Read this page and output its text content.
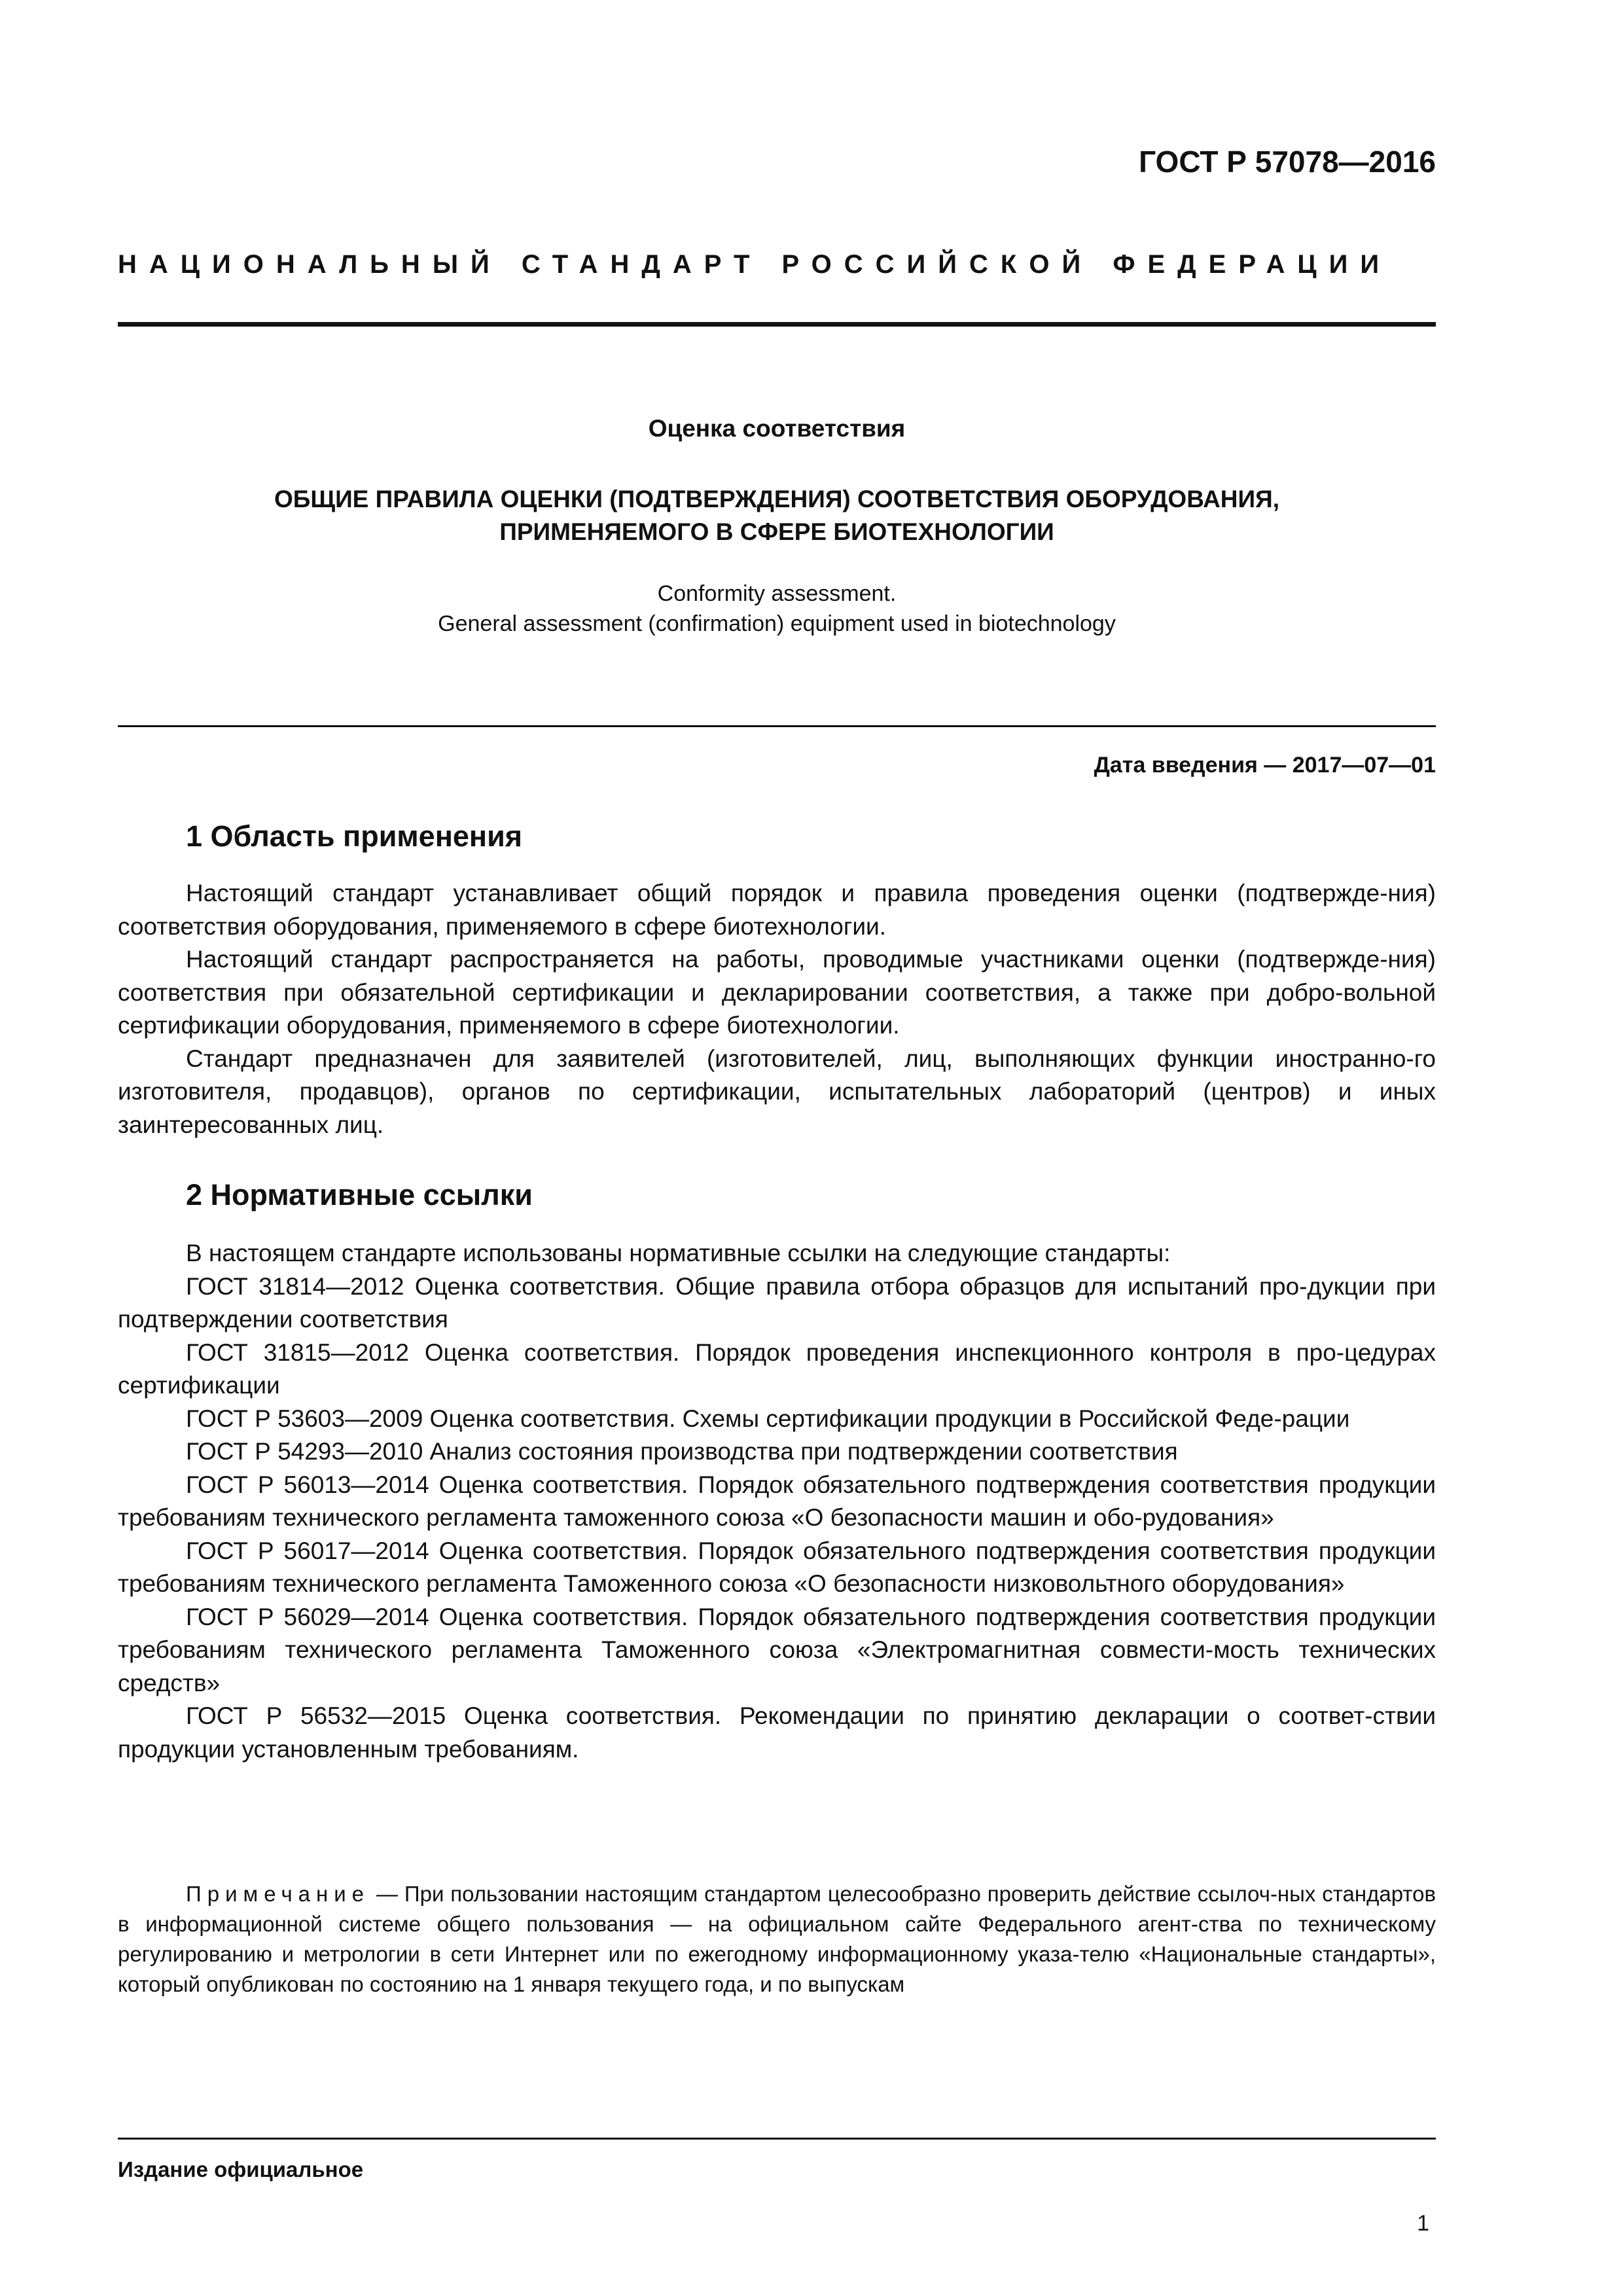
ГОСТ Р 57078—2016
НАЦИОНАЛЬНЫЙ СТАНДАРТ РОССИЙСКОЙ ФЕДЕРАЦИИ
Оценка соответствия
ОБЩИЕ ПРАВИЛА ОЦЕНКИ (ПОДТВЕРЖДЕНИЯ) СООТВЕТСТВИЯ ОБОРУДОВАНИЯ,
ПРИМЕНЯЕМОГО В СФЕРЕ БИОТЕХНОЛОГИИ
Conformity assessment.
General assessment (confirmation) equipment used in biotechnology
Дата введения — 2017—07—01
1 Область применения

Настоящий стандарт устанавливает общий порядок и правила проведения оценки (подтвержде-ния) соответствия оборудования, применяемого в сфере биотехнологии.

Настоящий стандарт распространяется на работы, проводимые участниками оценки (подтвержде-ния) соответствия при обязательной сертификации и декларировании соответствия, а также при добро-вольной сертификации оборудования, применяемого в сфере биотехнологии.

Стандарт предназначен для заявителей (изготовителей, лиц, выполняющих функции иностранно-го изготовителя, продавцов), органов по сертификации, испытательных лабораторий (центров) и иных заинтересованных лиц.

2 Нормативные ссылки

В настоящем стандарте использованы нормативные ссылки на следующие стандарты:

ГОСТ 31814—2012 Оценка соответствия. Общие правила отбора образцов для испытаний про-дукции при подтверждении соответствия

ГОСТ 31815—2012 Оценка соответствия. Порядок проведения инспекционного контроля в про-цедурах сертификации

ГОСТ Р 53603—2009 Оценка соответствия. Схемы сертификации продукции в Российской Феде-рации

ГОСТ Р 54293—2010 Анализ состояния производства при подтверждении соответствия

ГОСТ Р 56013—2014 Оценка соответствия. Порядок обязательного подтверждения соответствия продукции требованиям технического регламента таможенного союза «О безопасности машин и обо-рудования»

ГОСТ Р 56017—2014 Оценка соответствия. Порядок обязательного подтверждения соответствия продукции требованиям технического регламента Таможенного союза «О безопасности низковольтного оборудования»

ГОСТ Р 56029—2014 Оценка соответствия. Порядок обязательного подтверждения соответствия продукции требованиям технического регламента Таможенного союза «Электромагнитная совмести-мость технических средств»

ГОСТ Р 56532—2015 Оценка соответствия. Рекомендации по принятию декларации о соответ-ствии продукции установленным требованиям.

Примечание — При пользовании настоящим стандартом целесообразно проверить действие ссылоч-ных стандартов в информационной системе общего пользования — на официальном сайте Федерального агент-ства по техническому регулированию и метрологии в сети Интернет или по ежегодному информационному указа-телю «Национальные стандарты», который опубликован по состоянию на 1 января текущего года, и по выпускам
Издание официальное
1
